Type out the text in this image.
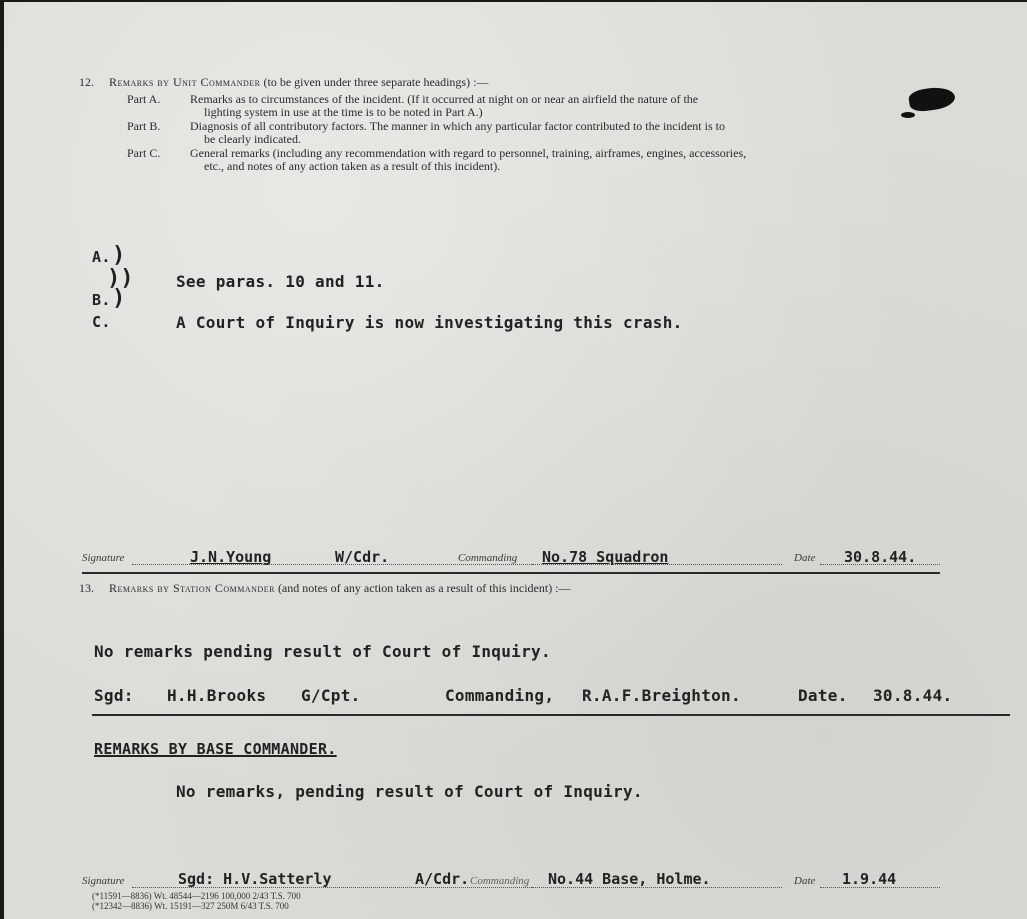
12. Remarks by Unit Commander (to be given under three separate headings) :—
Part A. Remarks as to circumstances of the incident. (If it occurred at night on or near an airfield the nature of the
lighting system in use at the time is to be noted in Part A.)
Part B. Diagnosis of all contributory factors. The manner in which any particular factor contributed to the incident is to
be clearly indicated.
Part C. General remarks (including any recommendation with regard to personnel, training, airframes, engines, accessories,
etc., and notes of any action taken as a result of this incident).
A. )
))
B. )
See paras. 10 and 11.
C.	A Court of Inquiry is now investigating this crash.
Signature	J.N.Young	W/Cdr.	Commanding No.78 Squadron	Date 30.8.44.
13. Remarks by Station Commander (and notes of any action taken as a result of this incident) :—
No remarks pending result of Court of Inquiry.
Sgd: H.H.Brooks G/Cpt.	Commanding, R.A.F.Breighton.	Date. 30.8.44.
REMARKS BY BASE COMMANDER.
No remarks, pending result of Court of Inquiry.
Signature	Sgd: H.V.Satterly	A/Cdr. Commanding No.44 Base, Holme.	Date 1.9.44
(*11591—8836) Wt. 48544—2196 100,000 2/43 T.S. 700
(*12342—8836) Wt. 15191—327 250M 6/43 T.S. 700
